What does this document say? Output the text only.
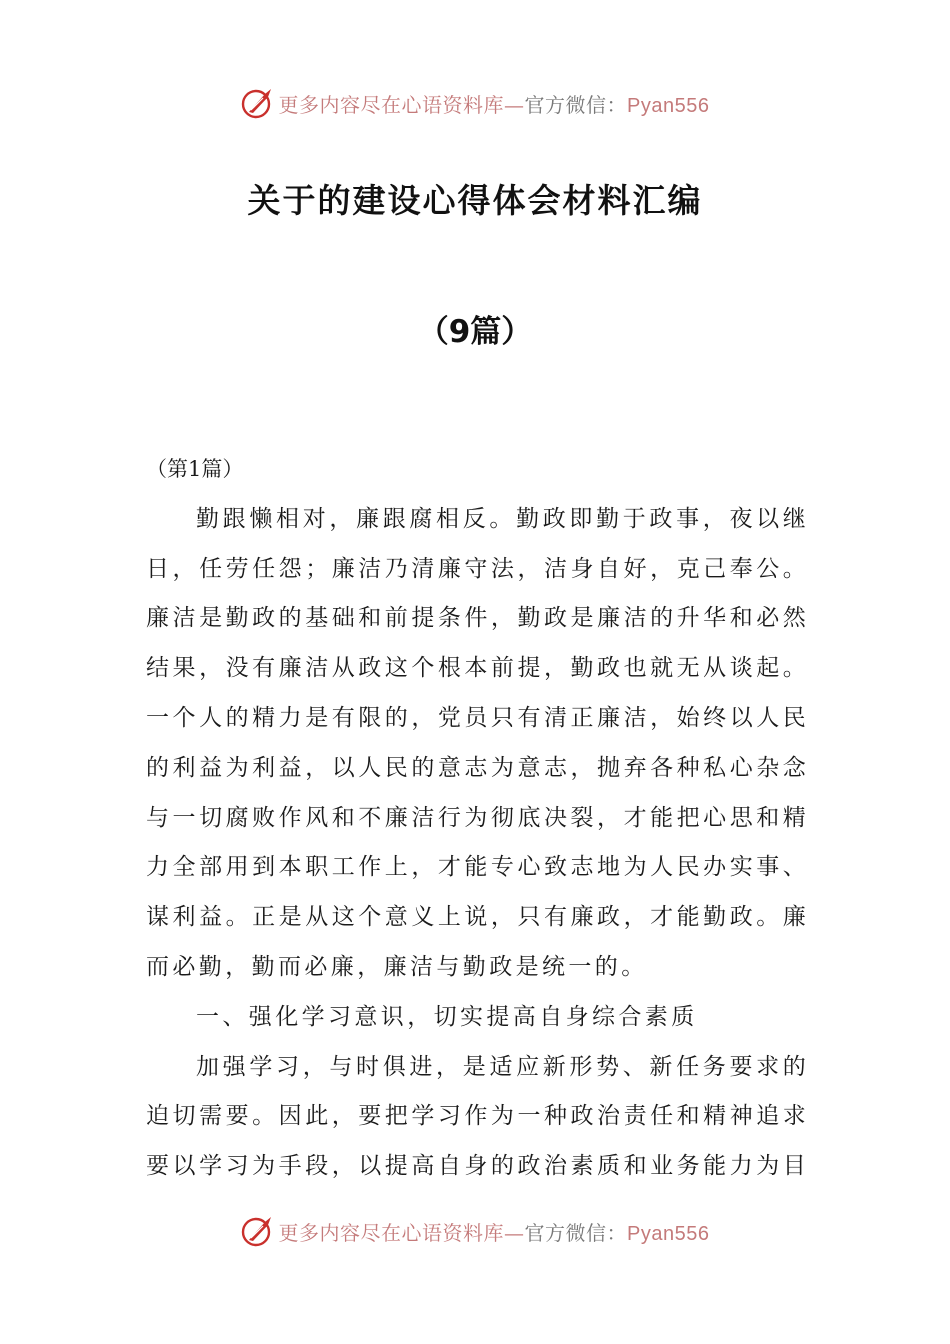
更多内容尽在心语资料库—官方微信：Pyan556
关于的建设心得体会材料汇编
（9篇）
（第1篇）
勤 跟 懒 相 对 ， 廉 跟 腐 相 反 。 勤 政 即 勤 于 政 事 ， 夜 以 继
日 ， 任 劳 任 怨 ； 廉 洁 乃 清 廉 守 法 ， 洁 身 自 好 ， 克 己 奉 公 。
廉 洁 是 勤 政 的 基 础 和 前 提 条 件 ， 勤 政 是 廉 洁 的 升 华 和 必 然
结 果 ， 没 有 廉 洁 从 政 这 个 根 本 前 提 ， 勤 政 也 就 无 从 谈 起 。
一 个 人 的 精 力 是 有 限 的 ， 党 员 只 有 清 正 廉 洁 ， 始 终 以 人 民
的 利 益 为 利 益 ， 以 人 民 的 意 志 为 意 志 ， 抛 弃 各 种 私 心 杂 念
与 一 切 腐 败 作 风 和 不 廉 洁 行 为 彻 底 决 裂 ， 才 能 把 心 思 和 精
力 全 部 用 到 本 职 工 作 上 ， 才 能 专 心 致 志 地 为 人 民 办 实 事 、
谋 利 益 。 正 是 从 这 个 意 义 上 说 ， 只 有 廉 政 ， 才 能 勤 政 。 廉
而必勤，勤而必廉，廉洁与勤政是统一的。
一、强化学习意识，切实提高自身综合素质
加 强 学 习 ， 与 时 俱 进 ， 是 适 应 新 形 势 、 新 任 务 要 求 的
迫 切 需 要 。 因 此 ， 要 把 学 习 作 为 一 种 政 治 责 任 和 精 神 追 求
要 以 学 习 为 手 段 ， 以 提 高 自 身 的 政 治 素 质 和 业 务 能 力 为 目
更多内容尽在心语资料库—官方微信：Pyan556
